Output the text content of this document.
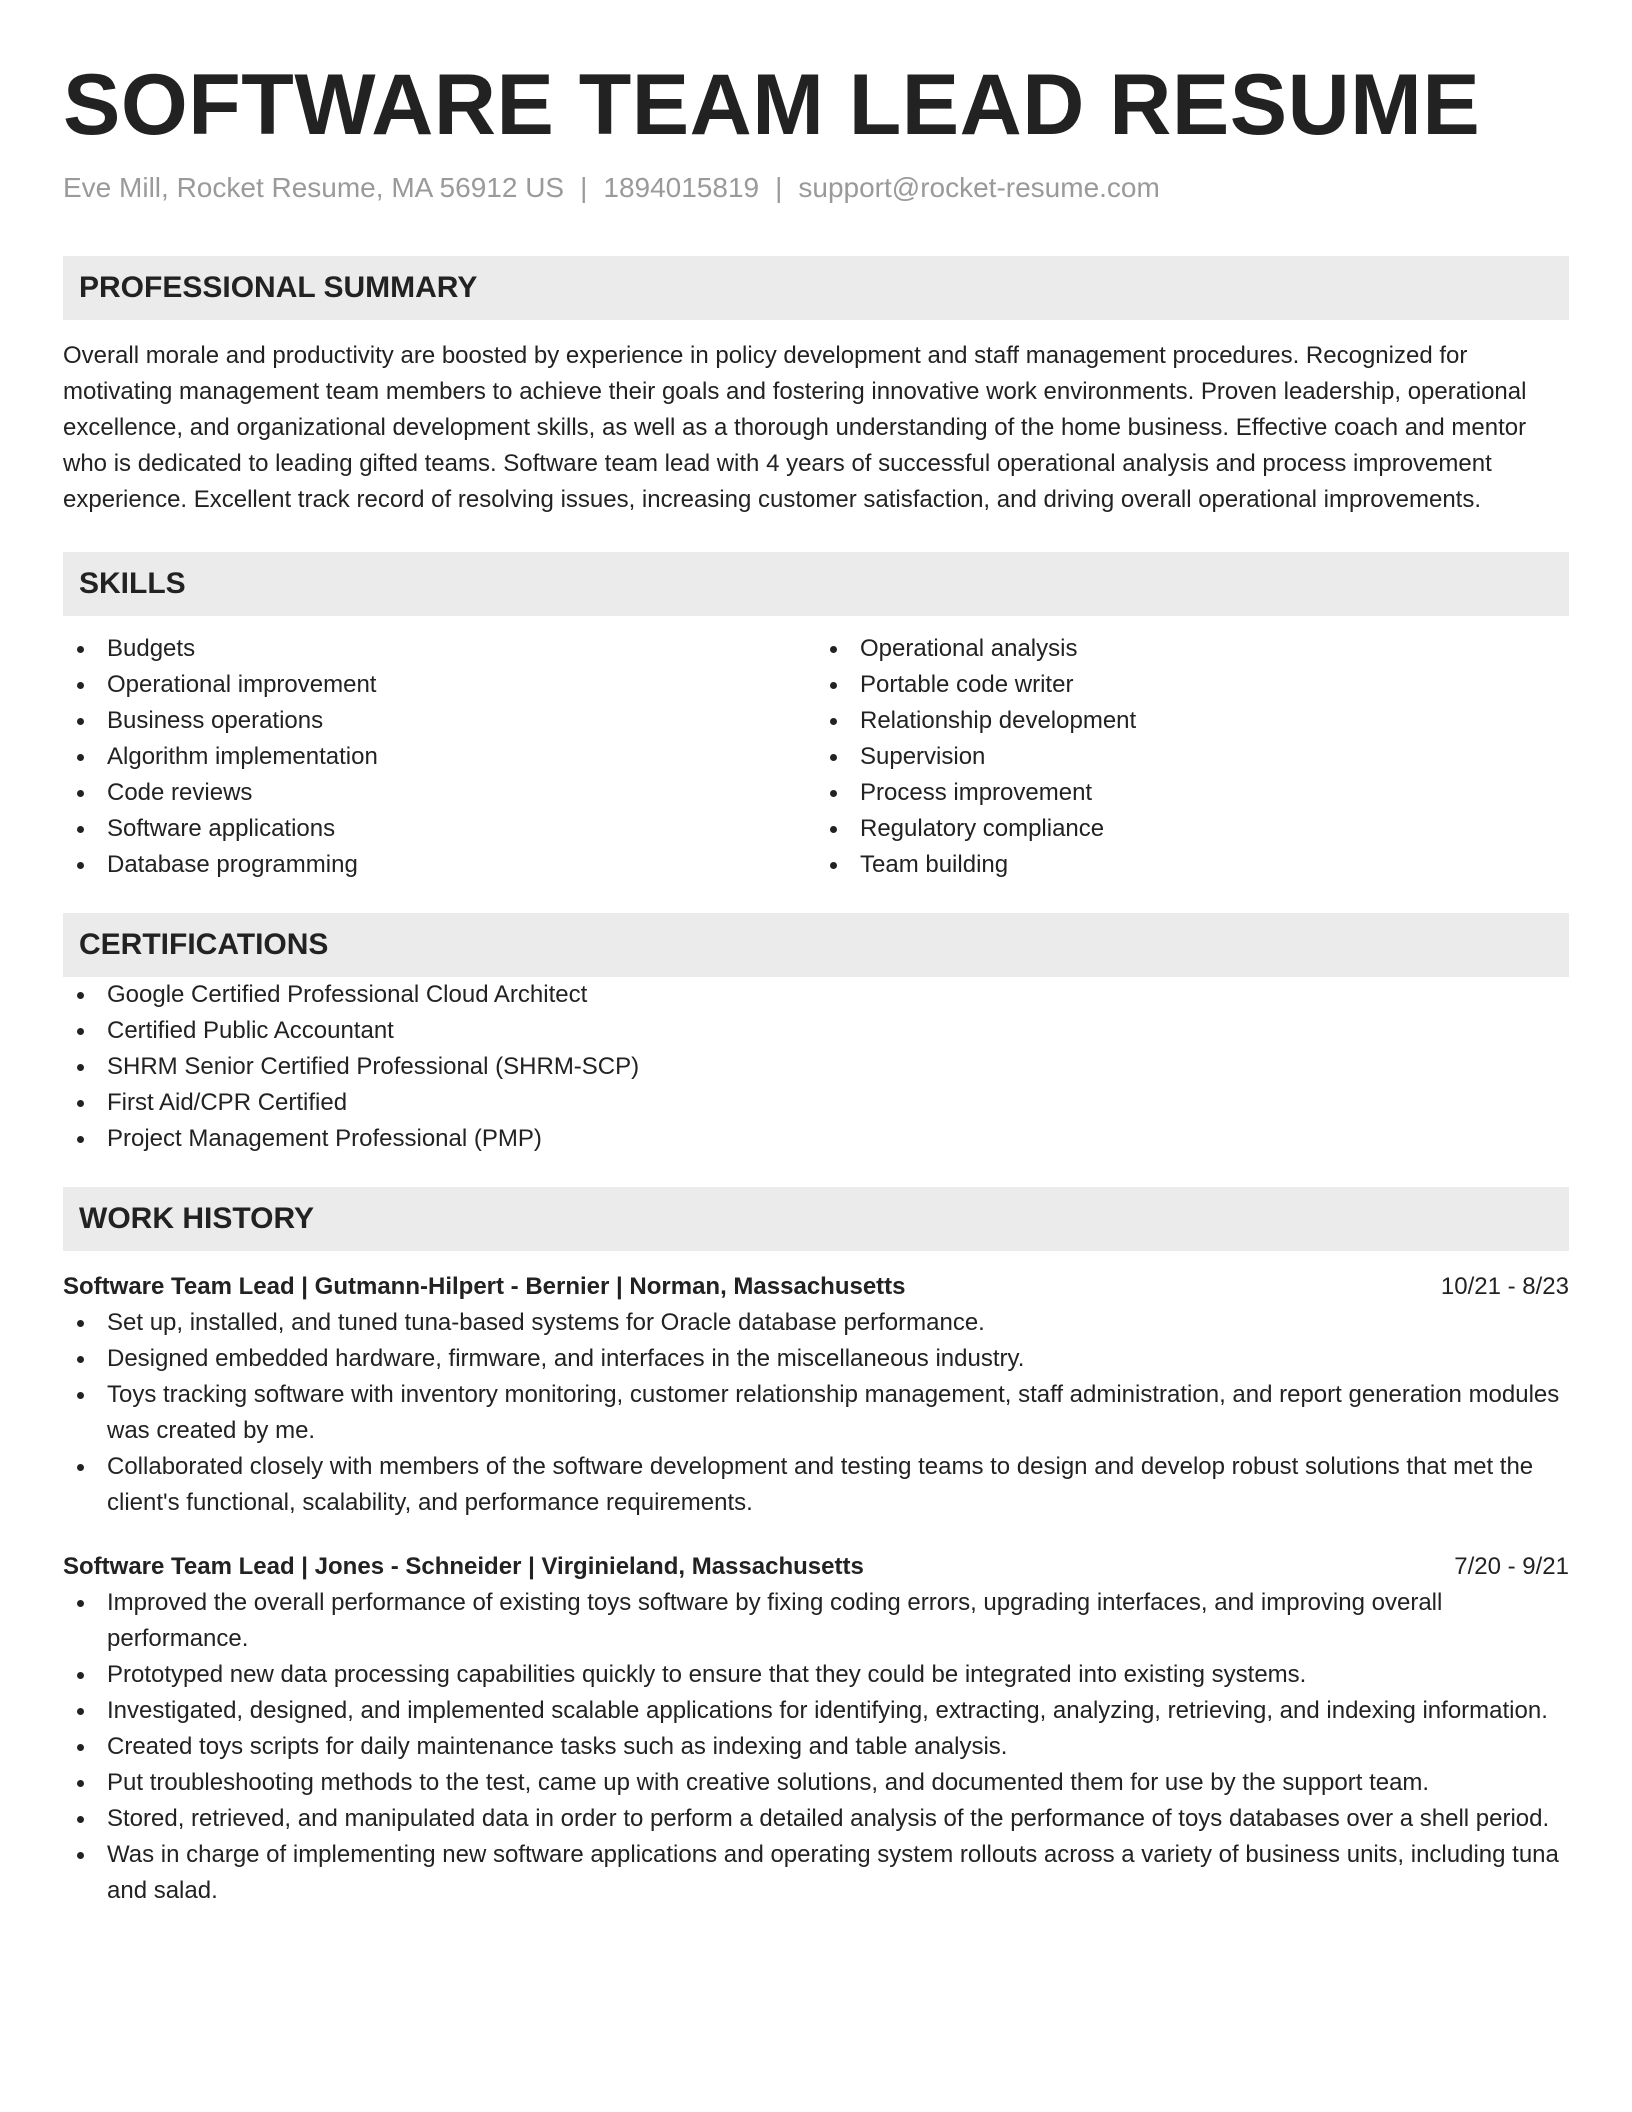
SOFTWARE TEAM LEAD RESUME
Eve Mill, Rocket Resume, MA 56912 US | 1894015819 | support@rocket-resume.com
PROFESSIONAL SUMMARY

Overall morale and productivity are boosted by experience in policy development and staff management procedures. Recognized for motivating management team members to achieve their goals and fostering innovative work environments. Proven leadership, operational excellence, and organizational development skills, as well as a thorough understanding of the home business. Effective coach and mentor who is dedicated to leading gifted teams. Software team lead with 4 years of successful operational analysis and process improvement experience. Excellent track record of resolving issues, increasing customer satisfaction, and driving overall operational improvements.

SKILLS
Budgets
Operational improvement
Business operations
Algorithm implementation
Code reviews
Software applications
Database programming
Operational analysis
Portable code writer
Relationship development
Supervision
Process improvement
Regulatory compliance
Team building
CERTIFICATIONS
Google Certified Professional Cloud Architect
Certified Public Accountant
SHRM Senior Certified Professional (SHRM-SCP)
First Aid/CPR Certified
Project Management Professional (PMP)
WORK HISTORY
Software Team Lead | Gutmann-Hilpert - Bernier | Norman, Massachusetts	10/21 - 8/23
Set up, installed, and tuned tuna-based systems for Oracle database performance.
Designed embedded hardware, firmware, and interfaces in the miscellaneous industry.
Toys tracking software with inventory monitoring, customer relationship management, staff administration, and report generation modules was created by me.
Collaborated closely with members of the software development and testing teams to design and develop robust solutions that met the client's functional, scalability, and performance requirements.
Software Team Lead | Jones - Schneider | Virginieland, Massachusetts	7/20 - 9/21
Improved the overall performance of existing toys software by fixing coding errors, upgrading interfaces, and improving overall performance.
Prototyped new data processing capabilities quickly to ensure that they could be integrated into existing systems.
Investigated, designed, and implemented scalable applications for identifying, extracting, analyzing, retrieving, and indexing information.
Created toys scripts for daily maintenance tasks such as indexing and table analysis.
Put troubleshooting methods to the test, came up with creative solutions, and documented them for use by the support team.
Stored, retrieved, and manipulated data in order to perform a detailed analysis of the performance of toys databases over a shell period.
Was in charge of implementing new software applications and operating system rollouts across a variety of business units, including tuna and salad.
